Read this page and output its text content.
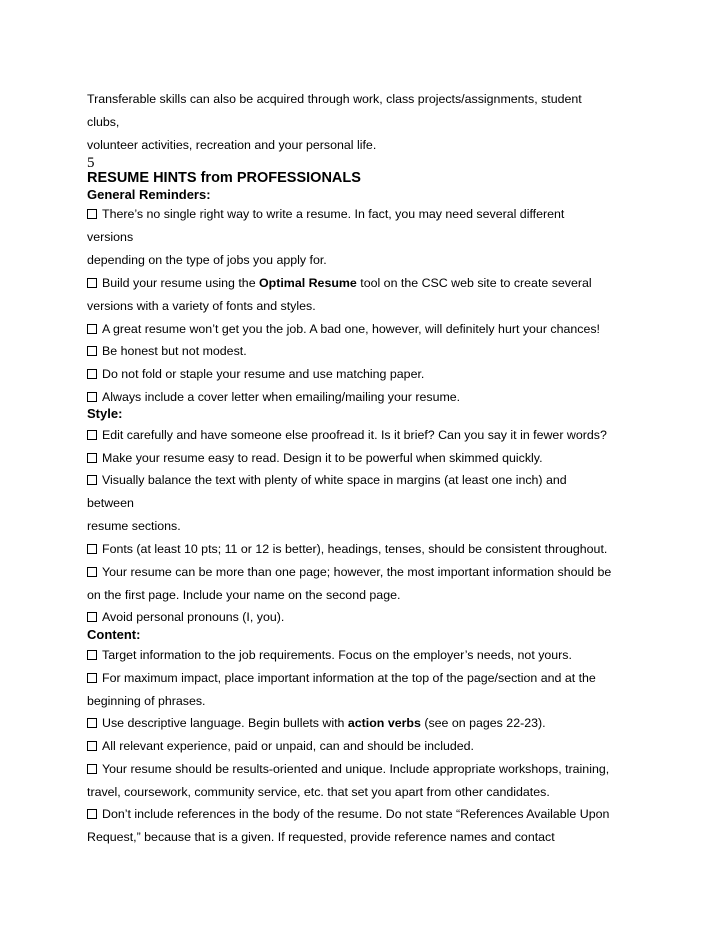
Transferable skills can also be acquired through work, class projects/assignments, student
clubs,
volunteer activities, recreation and your personal life.
5
RESUME HINTS from PROFESSIONALS
General Reminders:
There’s no single right way to write a resume. In fact, you may need several different
versions
depending on the type of jobs you apply for.
Build your resume using the Optimal Resume tool on the CSC web site to create several
versions with a variety of fonts and styles.
A great resume won’t get you the job. A bad one, however, will definitely hurt your chances!
Be honest but not modest.
Do not fold or staple your resume and use matching paper.
Always include a cover letter when emailing/mailing your resume.
Style:
Edit carefully and have someone else proofread it. Is it brief? Can you say it in fewer words?
Make your resume easy to read. Design it to be powerful when skimmed quickly.
Visually balance the text with plenty of white space in margins (at least one inch) and
between
resume sections.
Fonts (at least 10 pts; 11 or 12 is better), headings, tenses, should be consistent throughout.
Your resume can be more than one page; however, the most important information should be
on the first page. Include your name on the second page.
Avoid personal pronouns (I, you).
Content:
Target information to the job requirements. Focus on the employer’s needs, not yours.
For maximum impact, place important information at the top of the page/section and at the
beginning of phrases.
Use descriptive language. Begin bullets with action verbs (see on pages 22-23).
All relevant experience, paid or unpaid, can and should be included.
Your resume should be results-oriented and unique. Include appropriate workshops, training,
travel, coursework, community service, etc. that set you apart from other candidates.
Don’t include references in the body of the resume. Do not state “References Available Upon
Request,” because that is a given. If requested, provide reference names and contact
